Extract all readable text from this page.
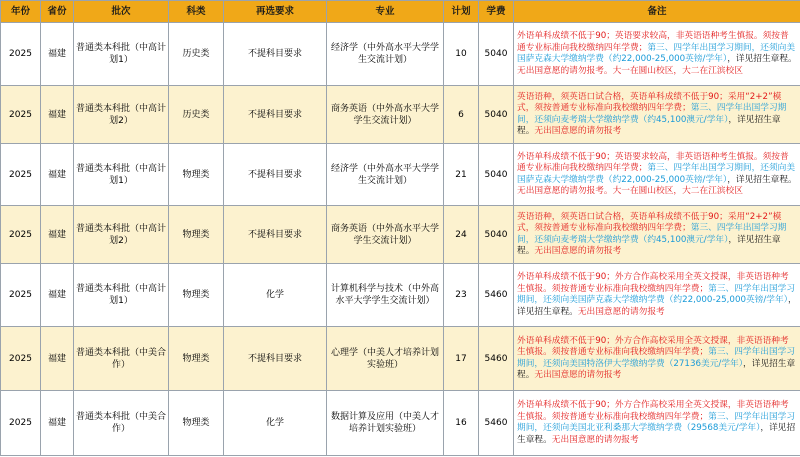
年份	省份	批次	科类	再选要求	专业	计划	学费	备注
2025	福建	普通类本科批（中高计划1）	历史类	不提科目要求	经济学（中外高水平大学学生交流计划）	10	5040	外语单科成绩不低于90；英语要求较高，非英语语种考生慎报。须按普通专业标准向我校缴纳四年学费；第三、四学年出国学习期间，还须向美国萨克森大学缴纳学费（约22,000-25,000英镑/学年），详见招生章程。无出国意愿的请勿报考。大一在圆山校区，大二在江滨校区
2025	福建	普通类本科批（中高计划2）	历史类	不提科目要求	商务英语（中外高水平大学学生交流计划）	6	5040	英语语种，须英语口试合格，英语单科成绩不低于90；采用“2+2”模式，须按普通专业标准向我校缴纳四年学费；第三、四学年出国学习期间，还须向麦考瑞大学缴纳学费（约45,100澳元/学年），详见招生章程。无出国意愿的请勿报考
2025	福建	普通类本科批（中高计划1）	物理类	不提科目要求	经济学（中外高水平大学学生交流计划）	21	5040	外语单科成绩不低于90；英语要求较高，非英语语种考生慎报。须按普通专业标准向我校缴纳四年学费；第三、四学年出国学习期间，还须向美国萨克森大学缴纳学费（约22,000-25,000英镑/学年），详见招生章程。无出国意愿的请勿报考。大一在圆山校区，大二在江滨校区
2025	福建	普通类本科批（中高计划2）	物理类	不提科目要求	商务英语（中外高水平大学学生交流计划）	24	5040	英语语种，须英语口试合格，英语单科成绩不低于90；采用“2+2”模式，须按普通专业标准向我校缴纳四年学费；第三、四学年出国学习期间，还须向麦考瑞大学缴纳学费（约45,100澳元/学年），详见招生章程。无出国意愿的请勿报考
2025	福建	普通类本科批（中高计划1）	物理类	化学	计算机科学与技术（中外高水平大学学生交流计划）	23	5460	外语单科成绩不低于90；外方合作高校采用全英文授课，非英语语种考生慎报。须按普通专业标准向我校缴纳四年学费；第三、四学年出国学习期间，还须向美国萨克森大学缴纳学费（约22,000-25,000英镑/学年），详见招生章程。无出国意愿的请勿报考
2025	福建	普通类本科批（中美合作）	物理类	不提科目要求	心理学（中美人才培养计划实验班）	17	5460	外语单科成绩不低于90；外方合作高校采用全英文授课，非英语语种考生慎报。须按普通专业标准向我校缴纳四年学费；第三、四学年出国学习期间，还须向美国特洛伊大学缴纳学费（27136美元/学年），详见招生章程。无出国意愿的请勿报考
2025	福建	普通类本科批（中美合作）	物理类	化学	数据计算及应用（中美人才培养计划实验班）	16	5460	外语单科成绩不低于90；外方合作高校采用全英文授课，非英语语种考生慎报。须按普通专业标准向我校缴纳四年学费；第三、四学年出国学习期间，还须向美国北亚利桑那大学缴纳学费（29568美元/学年），详见招生章程。无出国意愿的请勿报考
